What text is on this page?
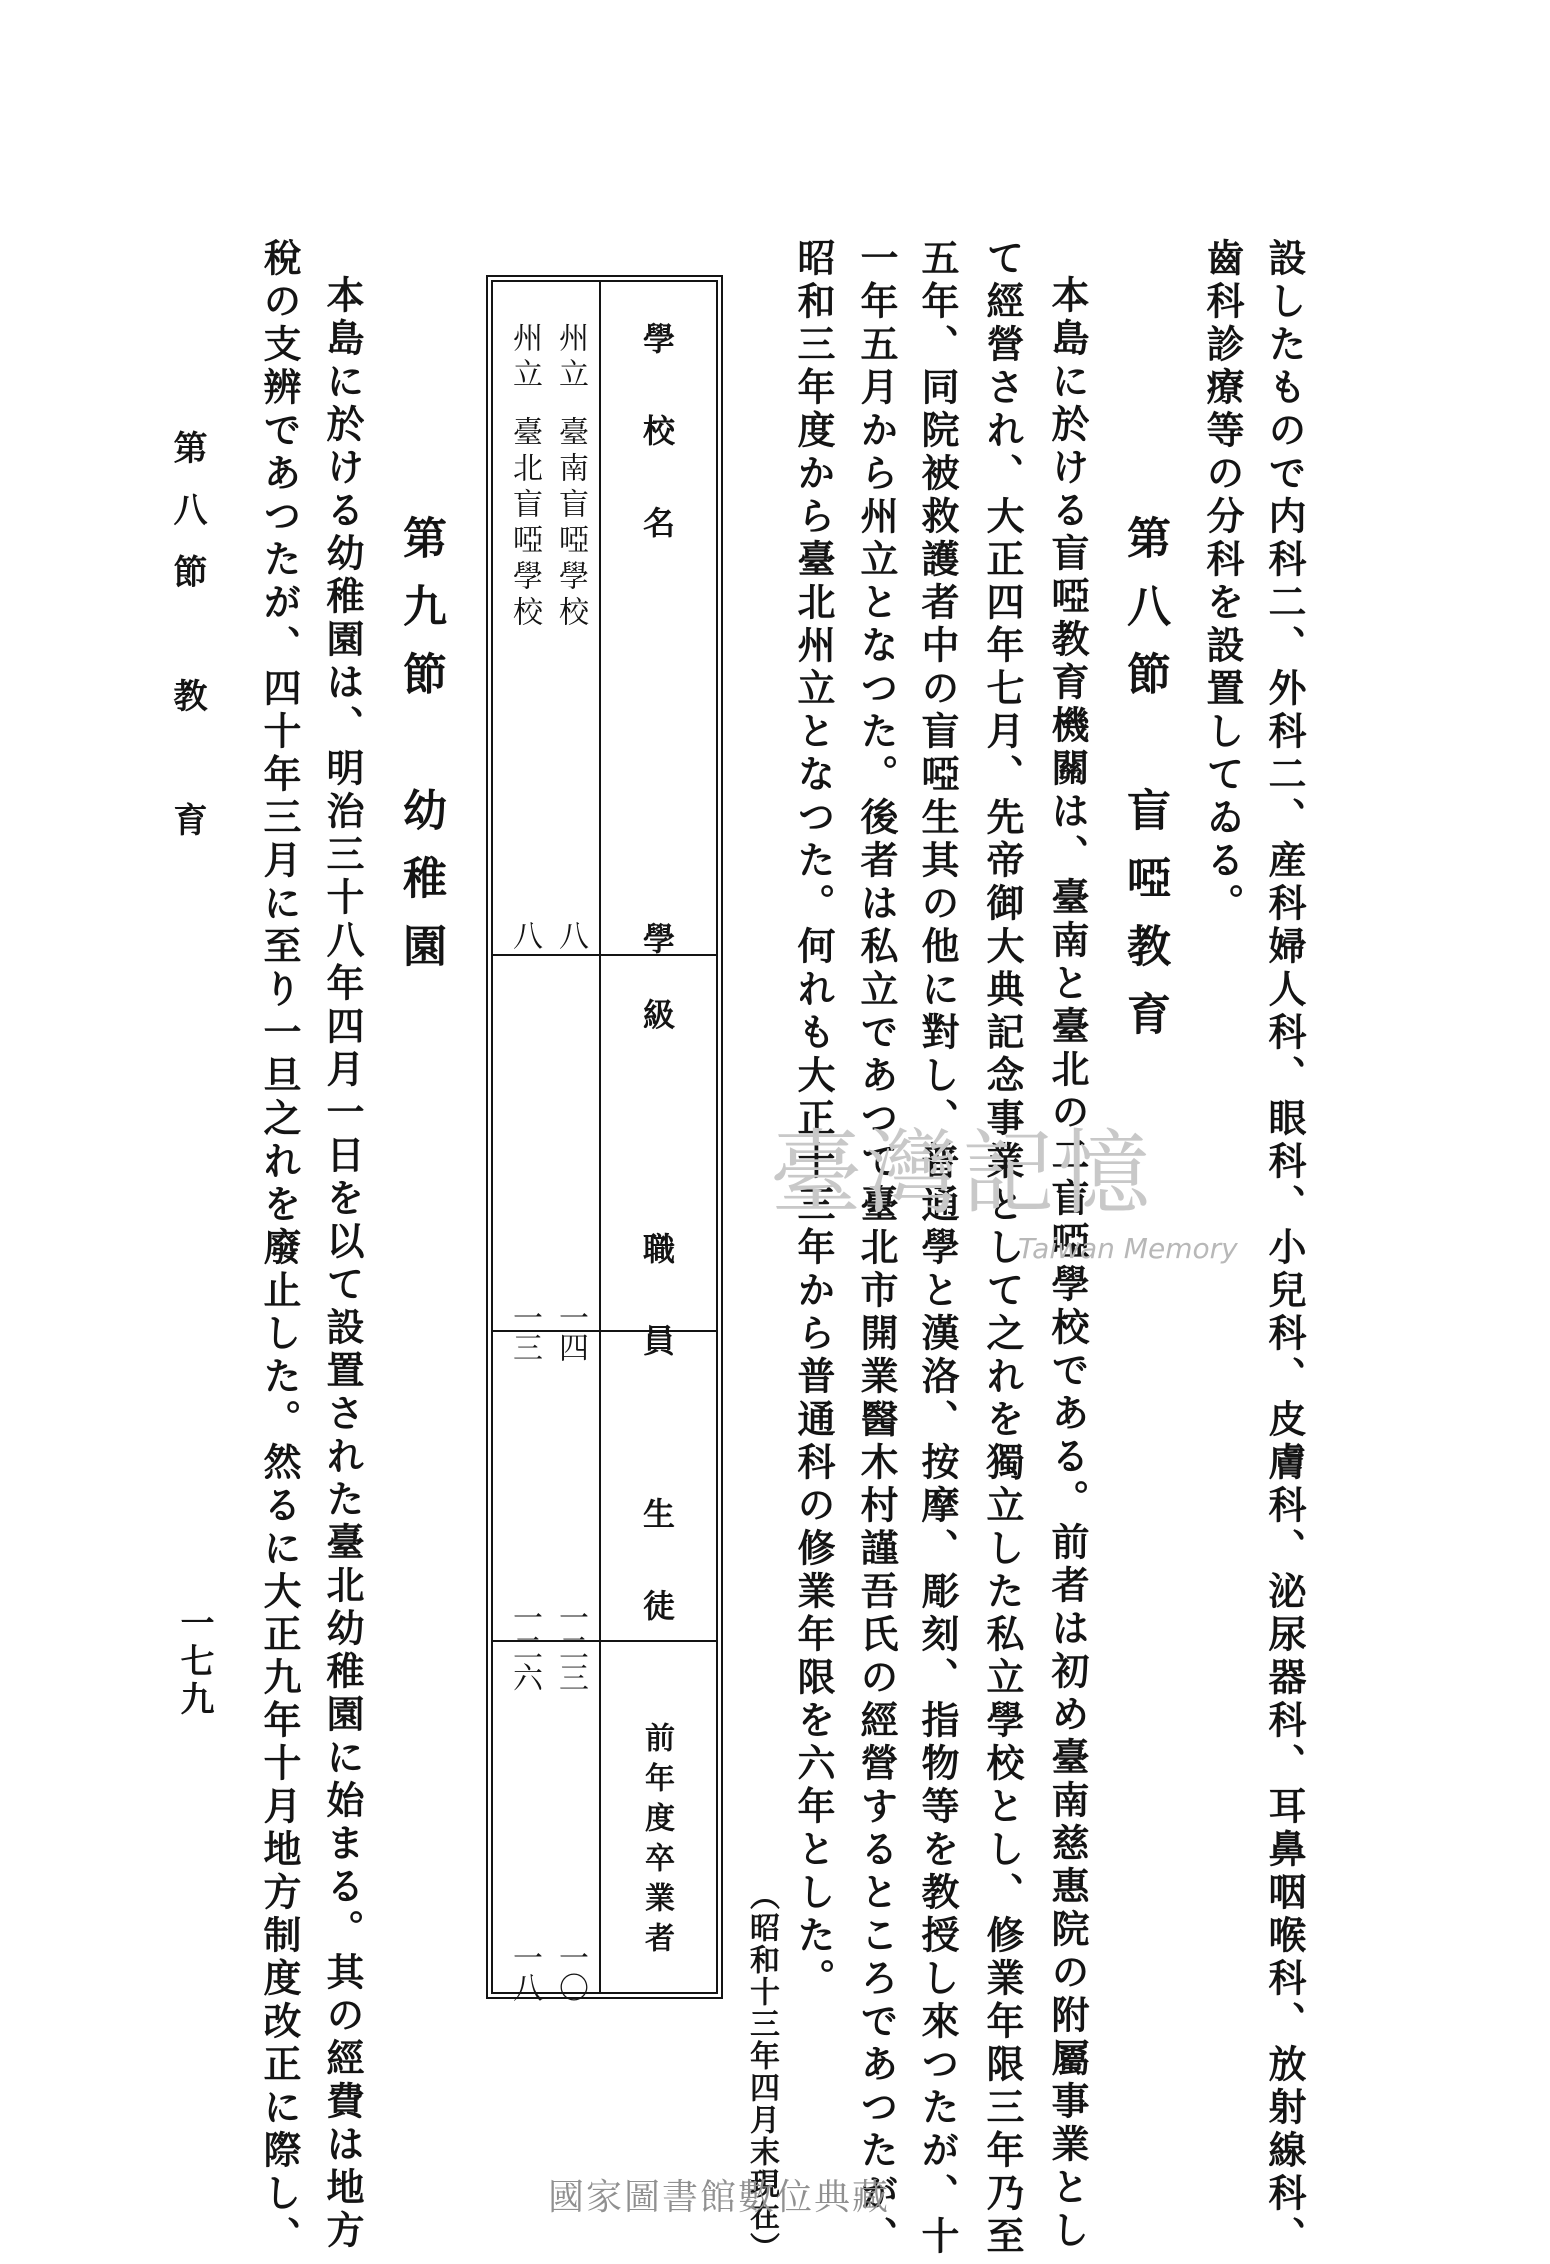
設したもので内科二、外科二、産科婦人科、眼科、小兒科、皮膚科、泌尿器科、耳鼻咽喉科、放射線科、
齒科診療等の分科を設置してゐる。
第八節　盲啞教育
本島に於ける盲啞教育機關は、臺南と臺北の二盲啞學校である。前者は初め臺南慈惠院の附屬事業とし
て經營され、大正四年七月、先帝御大典記念事業として之れを獨立した私立學校とし、修業年限三年乃至
五年、同院被救護者中の盲啞生其の他に對し、普通學と漢洛、按摩、彫刻、指物等を教授し來つたが、十
一年五月から州立となつた。後者は私立であつて臺北市開業醫木村謹吾氏の經營するところであつたが、
昭和三年度から臺北州立となつた。何れも大正十三年から普通科の修業年限を六年とした。
（昭和十三年四月末現在）
學校名
學級
職員
生徒
前年度卒業者
州立臺南盲啞學校
八
一四
一二三
一〇
州立臺北盲啞學校
八
一三
一二六
一八
第九節　幼稚園
本島に於ける幼稚園は、明治三十八年四月一日を以て設置された臺北幼稚園に始まる。其の經費は地方
稅の支辨であつたが、四十年三月に至り一旦之れを廢止した。然るに大正九年十月地方制度改正に際し、
第八節　教　育
一七九
臺灣記憶
Taiwan Memory
國家圖書館數位典藏
